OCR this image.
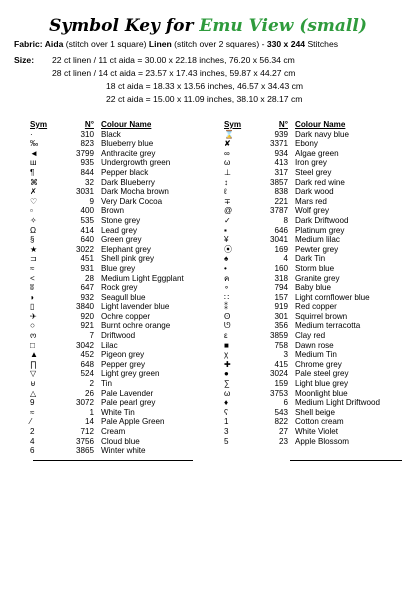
Symbol Key for Emu View (small)
Fabric: Aida (stitch over 1 square) Linen (stitch over 2 squares) - 330 x 244 Stitches
Size: 22 ct linen / 11 ct aida = 30.00 x 22.18 inches, 76.20 x 56.34 cm
28 ct linen / 14 ct aida = 23.57 x 17.43 inches, 59.87 x 44.27 cm
18 ct aida = 18.33 x 13.56 inches, 46.57 x 34.43 cm
22 ct aida = 15.00 x 11.09 inches, 38.10 x 28.17 cm
Sym	N°	Colour Name
·	310	Black
‰	823	Blueberry blue
◄	3799	Anthracite grey
ш	935	Undergrowth green
¶	844	Pepper black
⌘	32	Dark Blueberry
✗	3031	Dark Mocha brown
♡	9	Very Dark Cocoa
▫	400	Brown
✧	535	Stone grey
Ω	414	Lead grey
§	640	Green grey
★	3022	Elephant grey
⊐	451	Shell pink grey
≈	931	Blue grey
<	28	Medium Light Eggplant
ʬ	647	Rock grey
◗	932	Seagull blue
▯	3840	Light lavender blue
✈	920	Ochre copper
○	921	Burnt ochre orange
ო	7	Driftwood
□	3042	Lilac
▲	452	Pigeon grey
∏	648	Pepper grey
▽	524	Light grey green
⊎	2	Tin
△	26	Pale Lavender
9	3072	Pale pearl grey
≈	1	White Tin
⁄	14	Pale Apple Green
2	712	Cream
4	3756	Cloud blue
6	3865	Winter white
Sym	N°	Colour Name
⌛	939	Dark navy blue
✘	3371	Ebony
∞	934	Algae green
ω	413	Iron grey
⊥	317	Steel grey
↕	3857	Dark red wine
ℓ	838	Dark wood
∓	221	Mars red
@	3787	Wolf grey
✓	8	Dark Driftwood
▪	646	Platinum grey
¥	3041	Medium lilac
⦿	169	Pewter grey
♠	4	Dark Tin
•	160	Storm blue
ค	318	Granite grey
∘	794	Baby blue
∷	157	Light cornflower blue
⁑	919	Red copper
ʘ	301	Squirrel brown
ᘎ	356	Medium terracotta
ε	3859	Clay red
■	758	Dawn rose
χ	3	Medium Tin
✚	415	Chrome grey
●	3024	Pale steel grey
∑	159	Light blue grey
ω	3753	Moonlight blue
♦	6	Medium Light Driftwood
ʕ	543	Shell beige
1	822	Cotton cream
3	27	White Violet
5	23	Apple Blossom
